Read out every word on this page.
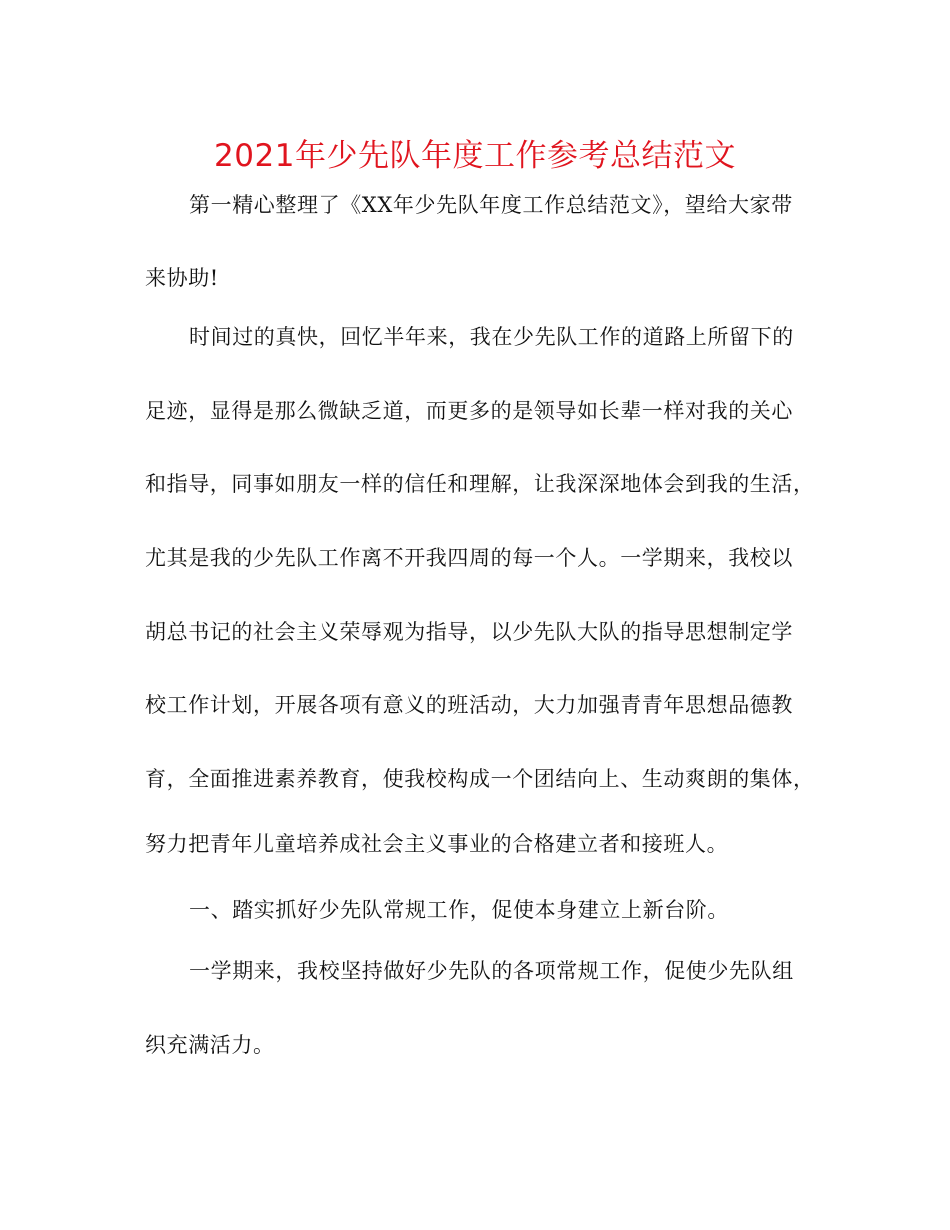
2021年少先队年度工作参考总结范文
第一精心整理了《XX年少先队年度工作总结范文》，望给大家带
来协助!
时间过的真快，回忆半年来，我在少先队工作的道路上所留下的
足迹，显得是那么微缺乏道，而更多的是领导如长辈一样对我的关心
和指导，同事如朋友一样的信任和理解，让我深深地体会到我的生活，
尤其是我的少先队工作离不开我四周的每一个人。一学期来，我校以
胡总书记的社会主义荣辱观为指导，以少先队大队的指导思想制定学
校工作计划，开展各项有意义的班活动，大力加强青青年思想品德教
育，全面推进素养教育，使我校构成一个团结向上、生动爽朗的集体，
努力把青年儿童培养成社会主义事业的合格建立者和接班人。
一、踏实抓好少先队常规工作，促使本身建立上新台阶。
一学期来，我校坚持做好少先队的各项常规工作，促使少先队组
织充满活力。
